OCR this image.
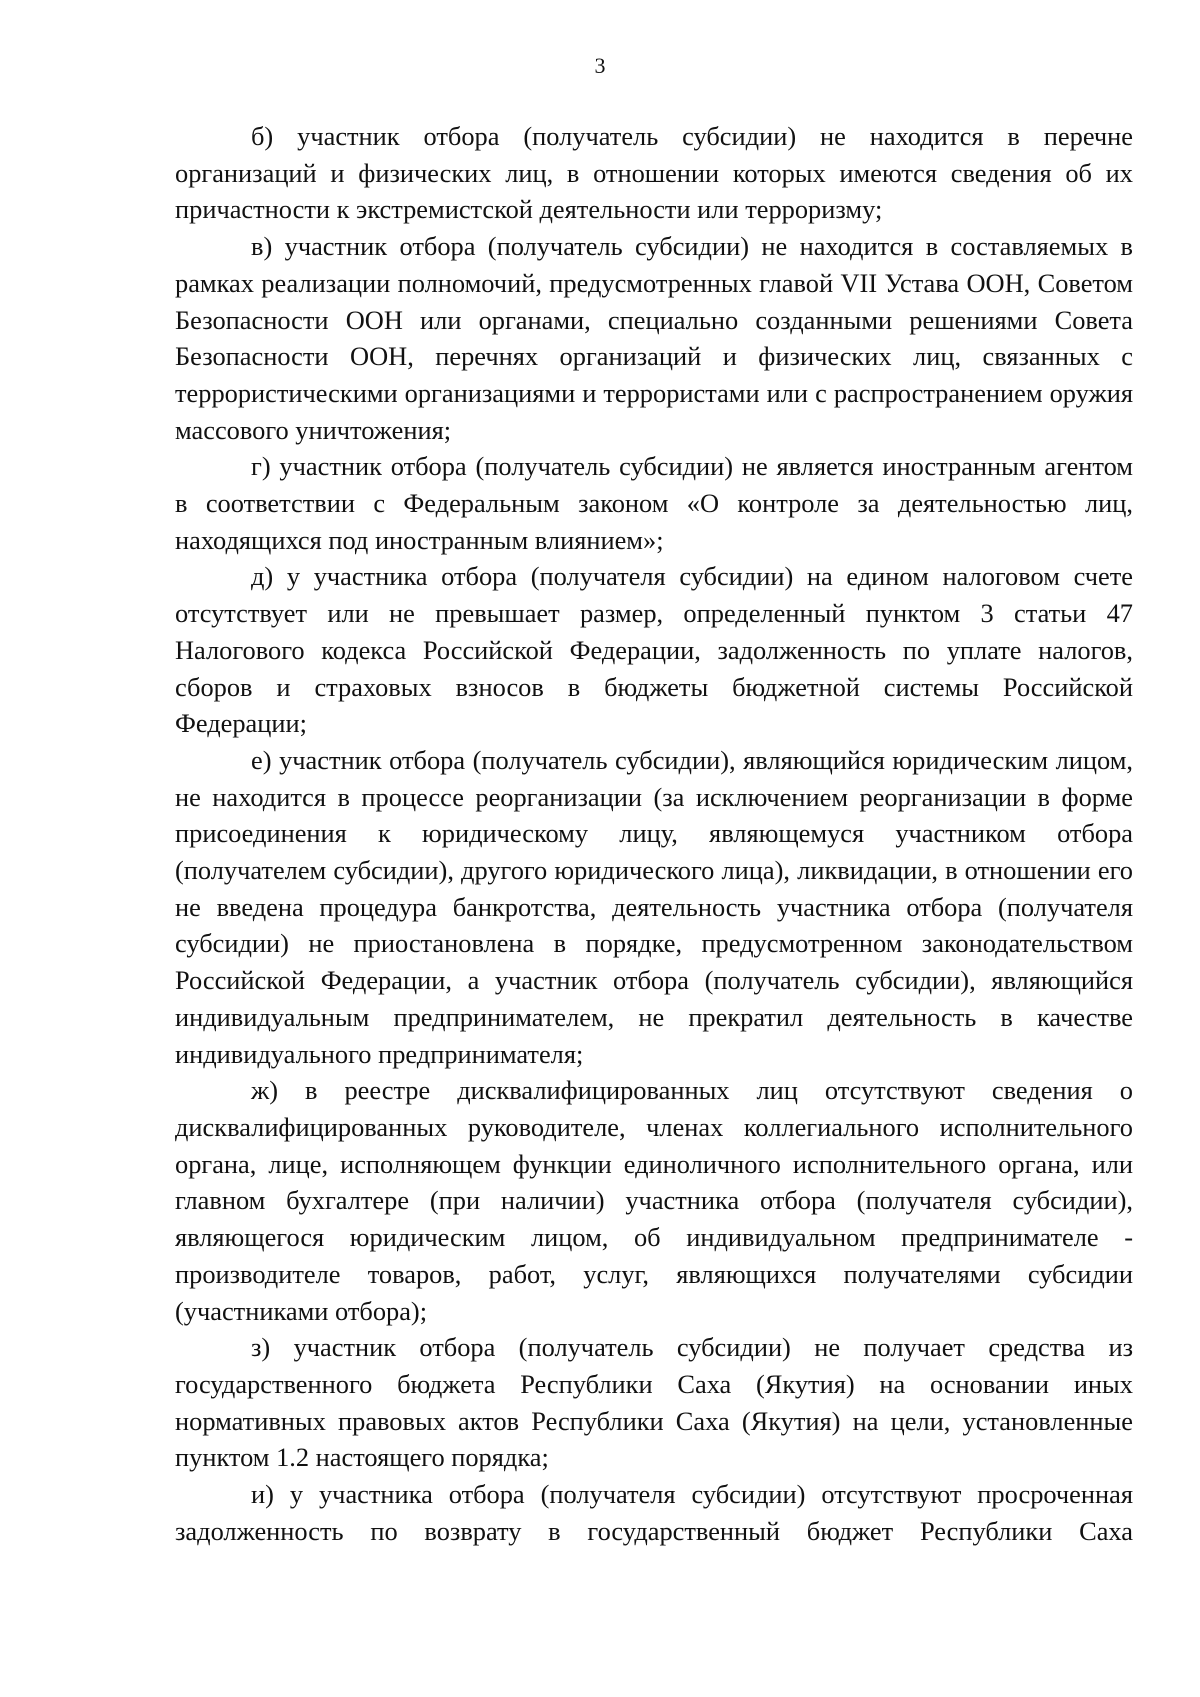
3

б) участник отбора (получатель субсидии) не находится в перечне организаций и физических лиц, в отношении которых имеются сведения об их причастности к экстремистской деятельности или терроризму;

в) участник отбора (получатель субсидии) не находится в составляемых в рамках реализации полномочий, предусмотренных главой VII Устава ООН, Советом Безопасности ООН или органами, специально созданными решениями Совета Безопасности ООН, перечнях организаций и физических лиц, связанных с террористическими организациями и террористами или с распространением оружия массового уничтожения;

г) участник отбора (получатель субсидии) не является иностранным агентом в соответствии с Федеральным законом «О контроле за деятельностью лиц, находящихся под иностранным влиянием»;

д) у участника отбора (получателя субсидии) на едином налоговом счете отсутствует или не превышает размер, определенный пунктом 3 статьи 47 Налогового кодекса Российской Федерации, задолженность по уплате налогов, сборов и страховых взносов в бюджеты бюджетной системы Российской Федерации;

е) участник отбора (получатель субсидии), являющийся юридическим лицом, не находится в процессе реорганизации (за исключением реорганизации в форме присоединения к юридическому лицу, являющемуся участником отбора (получателем субсидии), другого юридического лица), ликвидации, в отношении его не введена процедура банкротства, деятельность участника отбора (получателя субсидии) не приостановлена в порядке, предусмотренном законодательством Российской Федерации, а участник отбора (получатель субсидии), являющийся индивидуальным предпринимателем, не прекратил деятельность в качестве индивидуального предпринимателя;

ж) в реестре дисквалифицированных лиц отсутствуют сведения о дисквалифицированных руководителе, членах коллегиального исполнительного органа, лице, исполняющем функции единоличного исполнительного органа, или главном бухгалтере (при наличии) участника отбора (получателя субсидии), являющегося юридическим лицом, об индивидуальном предпринимателе - производителе товаров, работ, услуг, являющихся получателями субсидии (участниками отбора);

з) участник отбора (получатель субсидии) не получает средства из государственного бюджета Республики Саха (Якутия) на основании иных нормативных правовых актов Республики Саха (Якутия) на цели, установленные пунктом 1.2 настоящего порядка;

и) у участника отбора (получателя субсидии) отсутствуют просроченная задолженность по возврату в государственный бюджет Республики Саха
